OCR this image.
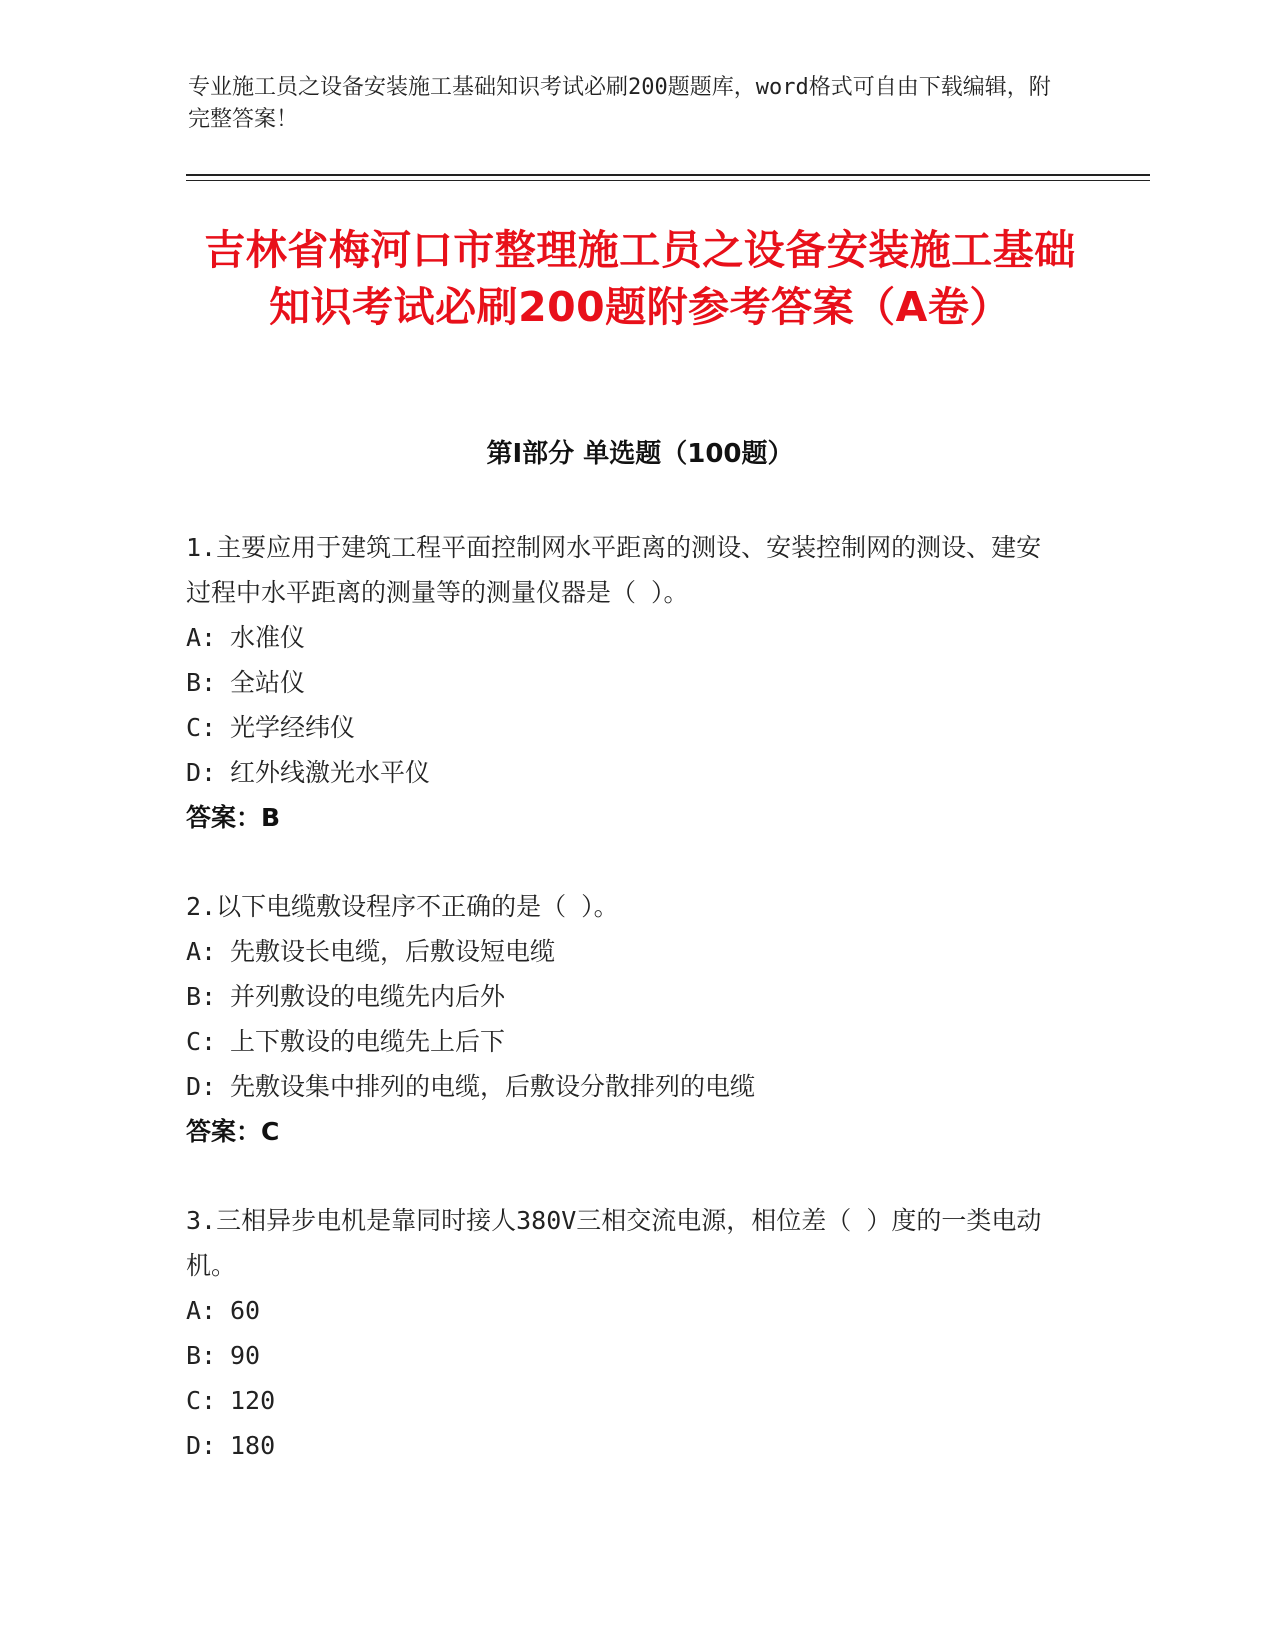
专业施工员之设备安装施工基础知识考试必刷200题题库，word格式可自由下载编辑，附完整答案！
吉林省梅河口市整理施工员之设备安装施工基础知识考试必刷200题附参考答案（A卷）
第Ⅰ部分 单选题（100题）

1.主要应用于建筑工程平面控制网水平距离的测设、安装控制网的测设、建安过程中水平距离的测量等的测量仪器是（ ）。

A: 水准仪
B: 全站仪
C: 光学经纬仪
D: 红外线激光水平仪
答案：B

2.以下电缆敷设程序不正确的是（ ）。

A: 先敷设长电缆，后敷设短电缆
B: 并列敷设的电缆先内后外
C: 上下敷设的电缆先上后下
D: 先敷设集中排列的电缆，后敷设分散排列的电缆
答案：C

3.三相异步电机是靠同时接人380V三相交流电源，相位差（ ）度的一类电动机。

A: 60
B: 90
C: 120
D: 180
